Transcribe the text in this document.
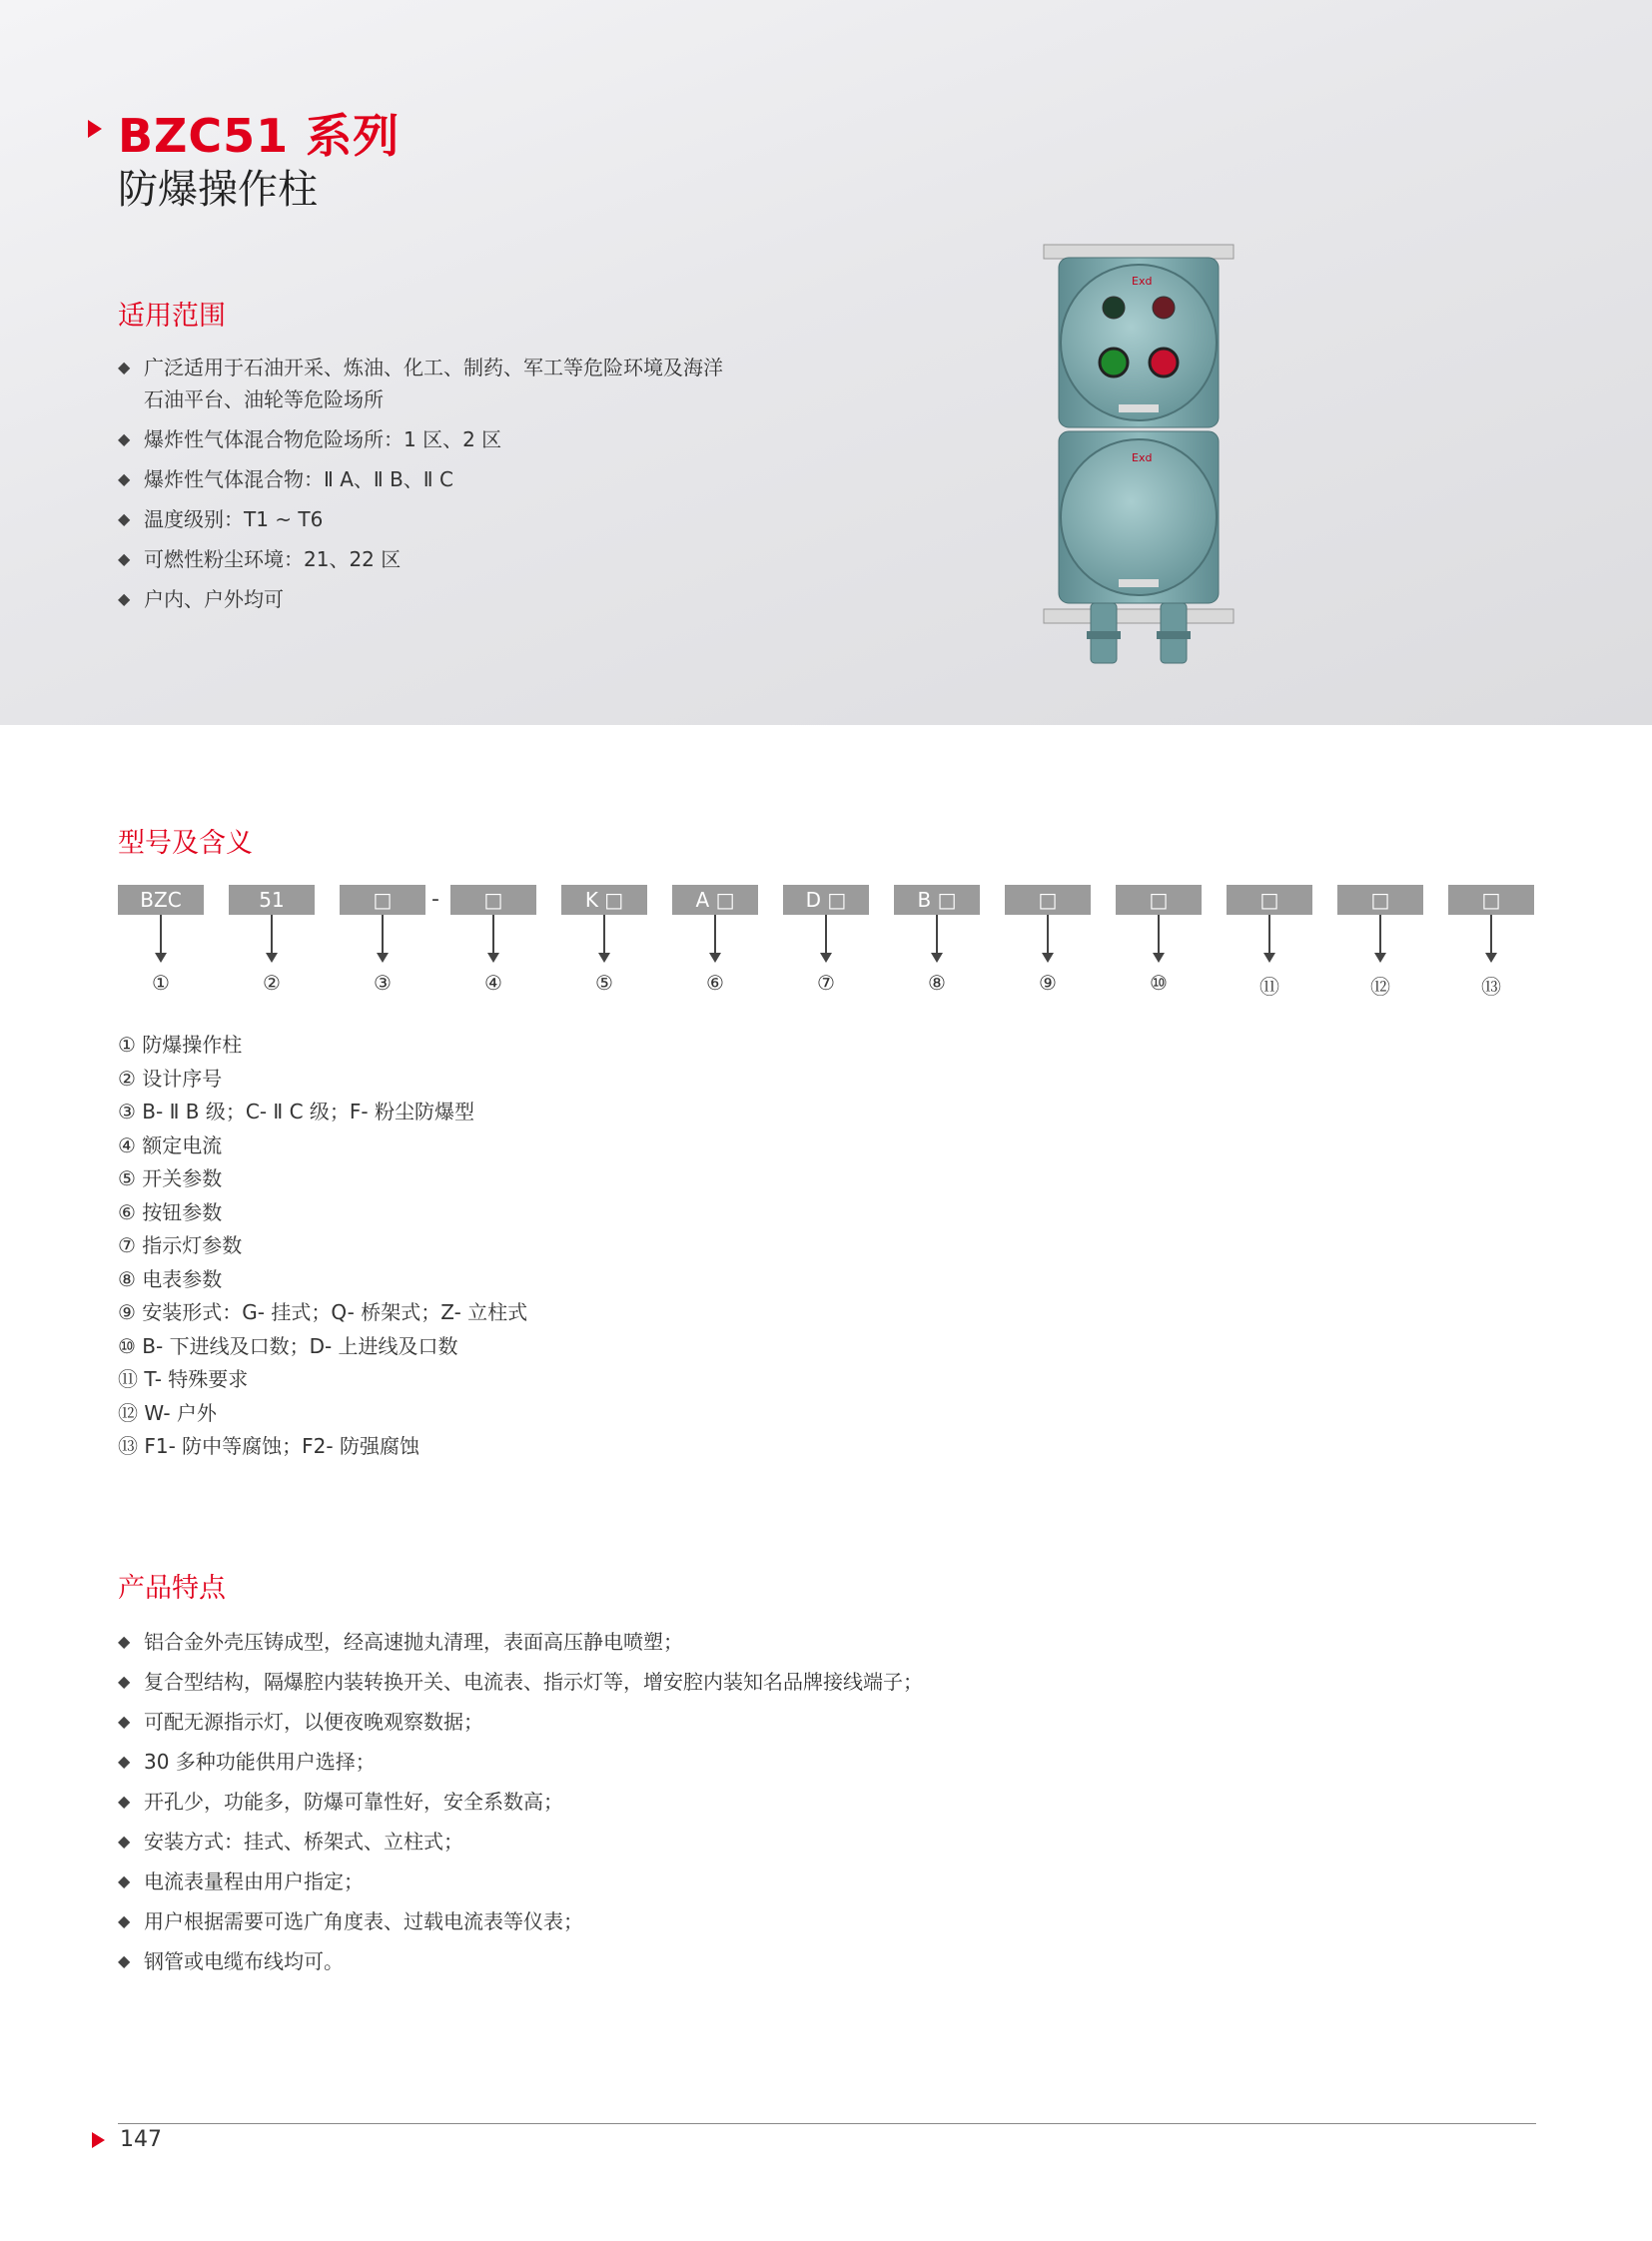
BZC51 系列
防爆操作柱
适用范围
◆ 广泛适用于石油开采、炼油、化工、制药、军工等危险环境及海洋
石油平台、油轮等危险场所
◆ 爆炸性气体混合物危险场所：1 区、2 区
◆ 爆炸性气体混合物：Ⅱ A、Ⅱ B、Ⅱ C
◆ 温度级别：T1 ~ T6
◆ 可燃性粉尘环境：21、22 区
◆ 户内、户外均可
Exd
Exd
型号及含义
BZC
①
51
②
□
③
-	□
④
K □
⑤
A □
⑥
D □
⑦
B □
⑧
□
⑨
□
⑩
□
⑪
□
⑫
□
⑬
① 防爆操作柱
② 设计序号
③ B- Ⅱ B 级；C- Ⅱ C 级；F- 粉尘防爆型
④ 额定电流
⑤ 开关参数
⑥ 按钮参数
⑦ 指示灯参数
⑧ 电表参数
⑨ 安装形式：G- 挂式；Q- 桥架式；Z- 立柱式
⑩ B- 下进线及口数；D- 上进线及口数
⑪ T- 特殊要求
⑫ W- 户外
⑬ F1- 防中等腐蚀；F2- 防强腐蚀
产品特点
◆ 铝合金外壳压铸成型，经高速抛丸清理，表面高压静电喷塑；
◆ 复合型结构，隔爆腔内装转换开关、电流表、指示灯等，增安腔内装知名品牌接线端子；
◆ 可配无源指示灯，以便夜晚观察数据；
◆ 30 多种功能供用户选择；
◆ 开孔少，功能多，防爆可靠性好，安全系数高；
◆ 安装方式：挂式、桥架式、立柱式；
◆ 电流表量程由用户指定；
◆ 用户根据需要可选广角度表、过载电流表等仪表；
◆ 钢管或电缆布线均可。
147
